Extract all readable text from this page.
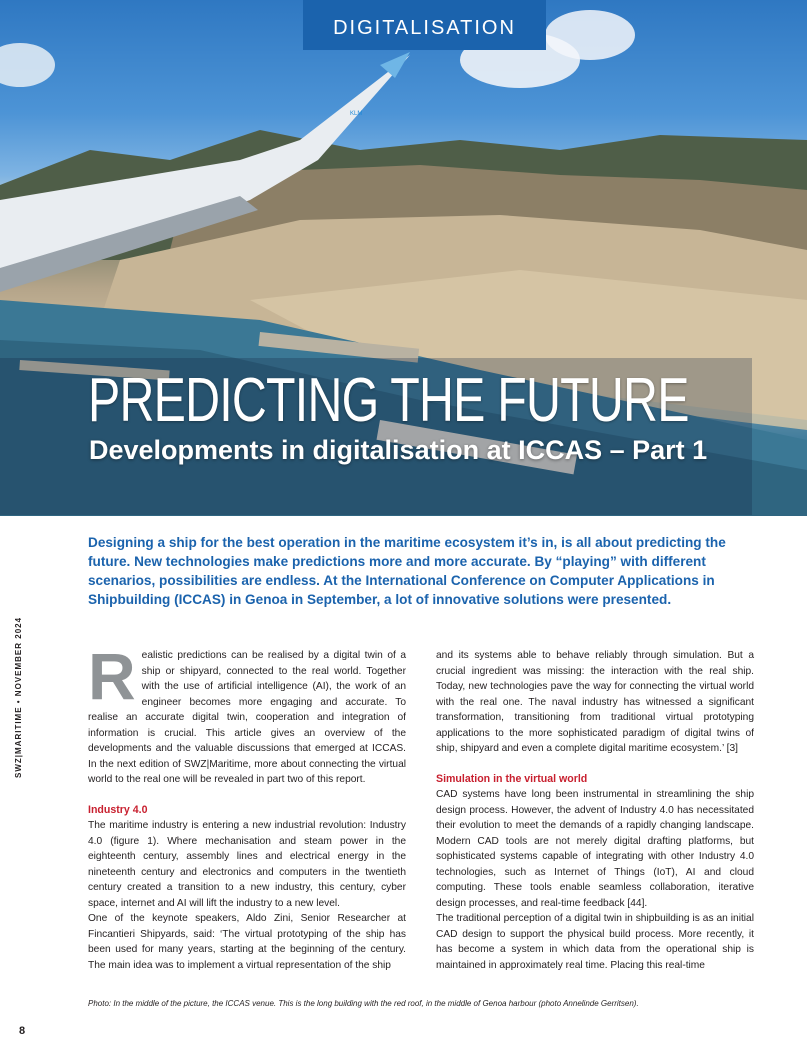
KLM
DIGITALISATION
PREDICTING THE FUTURE
Developments in digitalisation at ICCAS – Part 1

Designing a ship for the best operation in the maritime ecosystem it’s in, is all about predicting the future. New technologies make predictions more and more accurate. By “playing” with different scenarios, possibilities are endless. At the International Conference on Computer Applications in Shipbuilding (ICCAS) in Genoa in September, a lot of innovative solutions were presented.

SWZ|MARITIME • NOVEMBER 2024 R ealistic predictions can be realised by a digital twin of a ship or shipyard, connected to the real world. Together with the use of artificial intelligence (AI), the work of an engineer becomes more engaging and accurate. To realise an accurate digital twin, cooperation and integration of information is crucial. This article gives an overview of the developments and the valuable discussions that emerged at ICCAS. In the next edition of SWZ|Maritime, more about connecting the virtual world to the real one will be revealed in part two of this report.

Industry 4.0

The maritime industry is entering a new industrial revolution: Industry 4.0 (figure 1). Where mechanisation and steam power in the eighteenth century, assembly lines and electrical energy in the nineteenth century and electronics and computers in the twentieth century created a transition to a new industry, this century, cyber space, internet and AI will lift the industry to a new level.

One of the keynote speakers, Aldo Zini, Senior Researcher at Fincantieri Shipyards, said: ‘The virtual prototyping of the ship has been used for many years, starting at the beginning of the century. The main idea was to implement a virtual representation of the ship

and its systems able to behave reliably through simulation. But a crucial ingredient was missing: the interaction with the real ship. Today, new technologies pave the way for connecting the virtual world with the real one. The naval industry has witnessed a significant transformation, transitioning from traditional virtual prototyping applications to the more sophisticated paradigm of digital twins of ship, shipyard and even a complete digital maritime ecosystem.’ [3]

Simulation in the virtual world

CAD systems have long been instrumental in streamlining the ship design process. However, the advent of Industry 4.0 has necessitated their evolution to meet the demands of a rapidly changing landscape. Modern CAD tools are not merely digital drafting platforms, but sophisticated systems capable of integrating with other Industry 4.0 technologies, such as Internet of Things (IoT), AI and cloud computing. These tools enable seamless collaboration, iterative design processes, and real-time feedback [44].

The traditional perception of a digital twin in shipbuilding is as an initial CAD design to support the physical build process. More recently, it has become a system in which data from the operational ship is maintained in approximately real time. Placing this real-time

Photo: In the middle of the picture, the ICCAS venue. This is the long building with the red roof, in the middle of Genoa harbour (photo Annelinde Gerritsen).
8
